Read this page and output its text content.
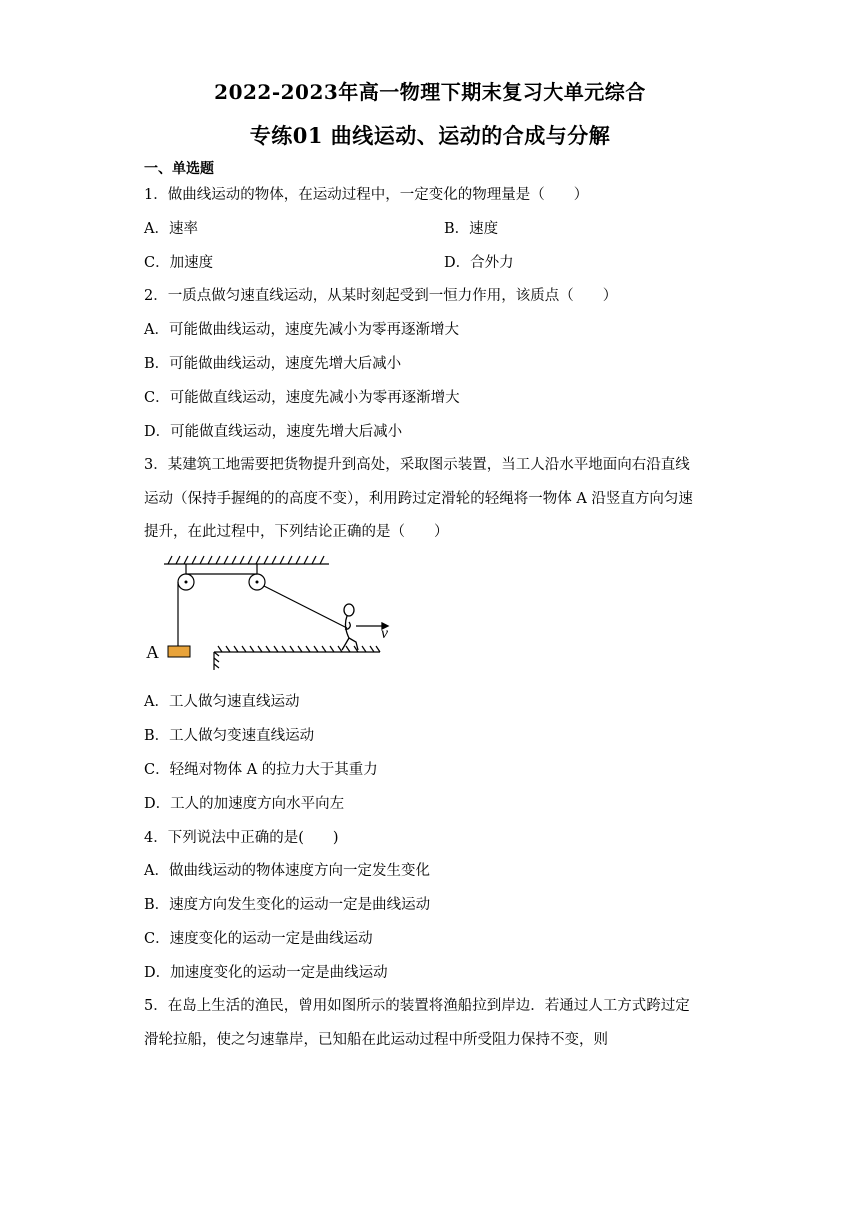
2022-2023年高一物理下期末复习大单元综合
专练01 曲线运动、运动的合成与分解
一、单选题
1．做曲线运动的物体，在运动过程中，一定变化的物理量是（　　）
A．速率	B．速度
C．加速度	D．合外力
2．一质点做匀速直线运动，从某时刻起受到一恒力作用，该质点（　　）
A．可能做曲线运动，速度先减小为零再逐渐增大
B．可能做曲线运动，速度先增大后减小
C．可能做直线运动，速度先减小为零再逐渐增大
D．可能做直线运动，速度先增大后减小
3．某建筑工地需要把货物提升到高处，采取图示装置，当工人沿水平地面向右沿直线
运动（保持手握绳的的高度不变），利用跨过定滑轮的轻绳将一物体 A 沿竖直方向匀速
提升，在此过程中，下列结论正确的是（　　）
A
v
A．工人做匀速直线运动
B．工人做匀变速直线运动
C．轻绳对物体 A 的拉力大于其重力
D．工人的加速度方向水平向左
4．下列说法中正确的是(　　)
A．做曲线运动的物体速度方向一定发生变化
B．速度方向发生变化的运动一定是曲线运动
C．速度变化的运动一定是曲线运动
D．加速度变化的运动一定是曲线运动
5．在岛上生活的渔民，曾用如图所示的装置将渔船拉到岸边．若通过人工方式跨过定
滑轮拉船，使之匀速靠岸，已知船在此运动过程中所受阻力保持不变，则
